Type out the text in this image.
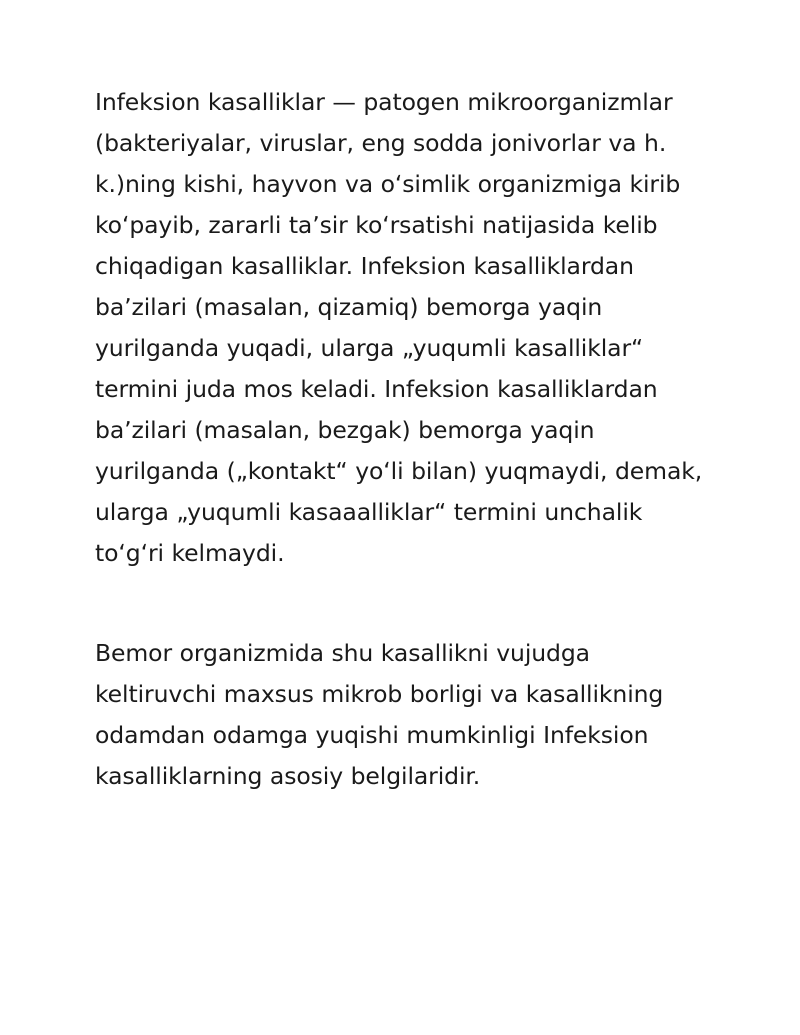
Infeksion kasalliklar — patogen mikroorganizmlar
(bakteriyalar, viruslar, eng sodda jonivorlar va h.
k.)ning kishi, hayvon va oʻsimlik organizmiga kirib
koʻpayib, zararli taʼsir koʻrsatishi natijasida kelib
chiqadigan kasalliklar. Infeksion kasalliklardan
baʼzilari (masalan, qizamiq) bemorga yaqin
yurilganda yuqadi, ularga „yuqumli kasalliklar“
termini juda mos keladi. Infeksion kasalliklardan
baʼzilari (masalan, bezgak) bemorga yaqin
yurilganda („kontakt“ yoʻli bilan) yuqmaydi, demak,
ularga „yuqumli kasaaalliklar“ termini unchalik
toʻgʻri kelmaydi.

Bemor organizmida shu kasallikni vujudga
keltiruvchi maxsus mikrob borligi va kasallikning
odamdan odamga yuqishi mumkinligi Infeksion
kasalliklarning asosiy belgilaridir.
